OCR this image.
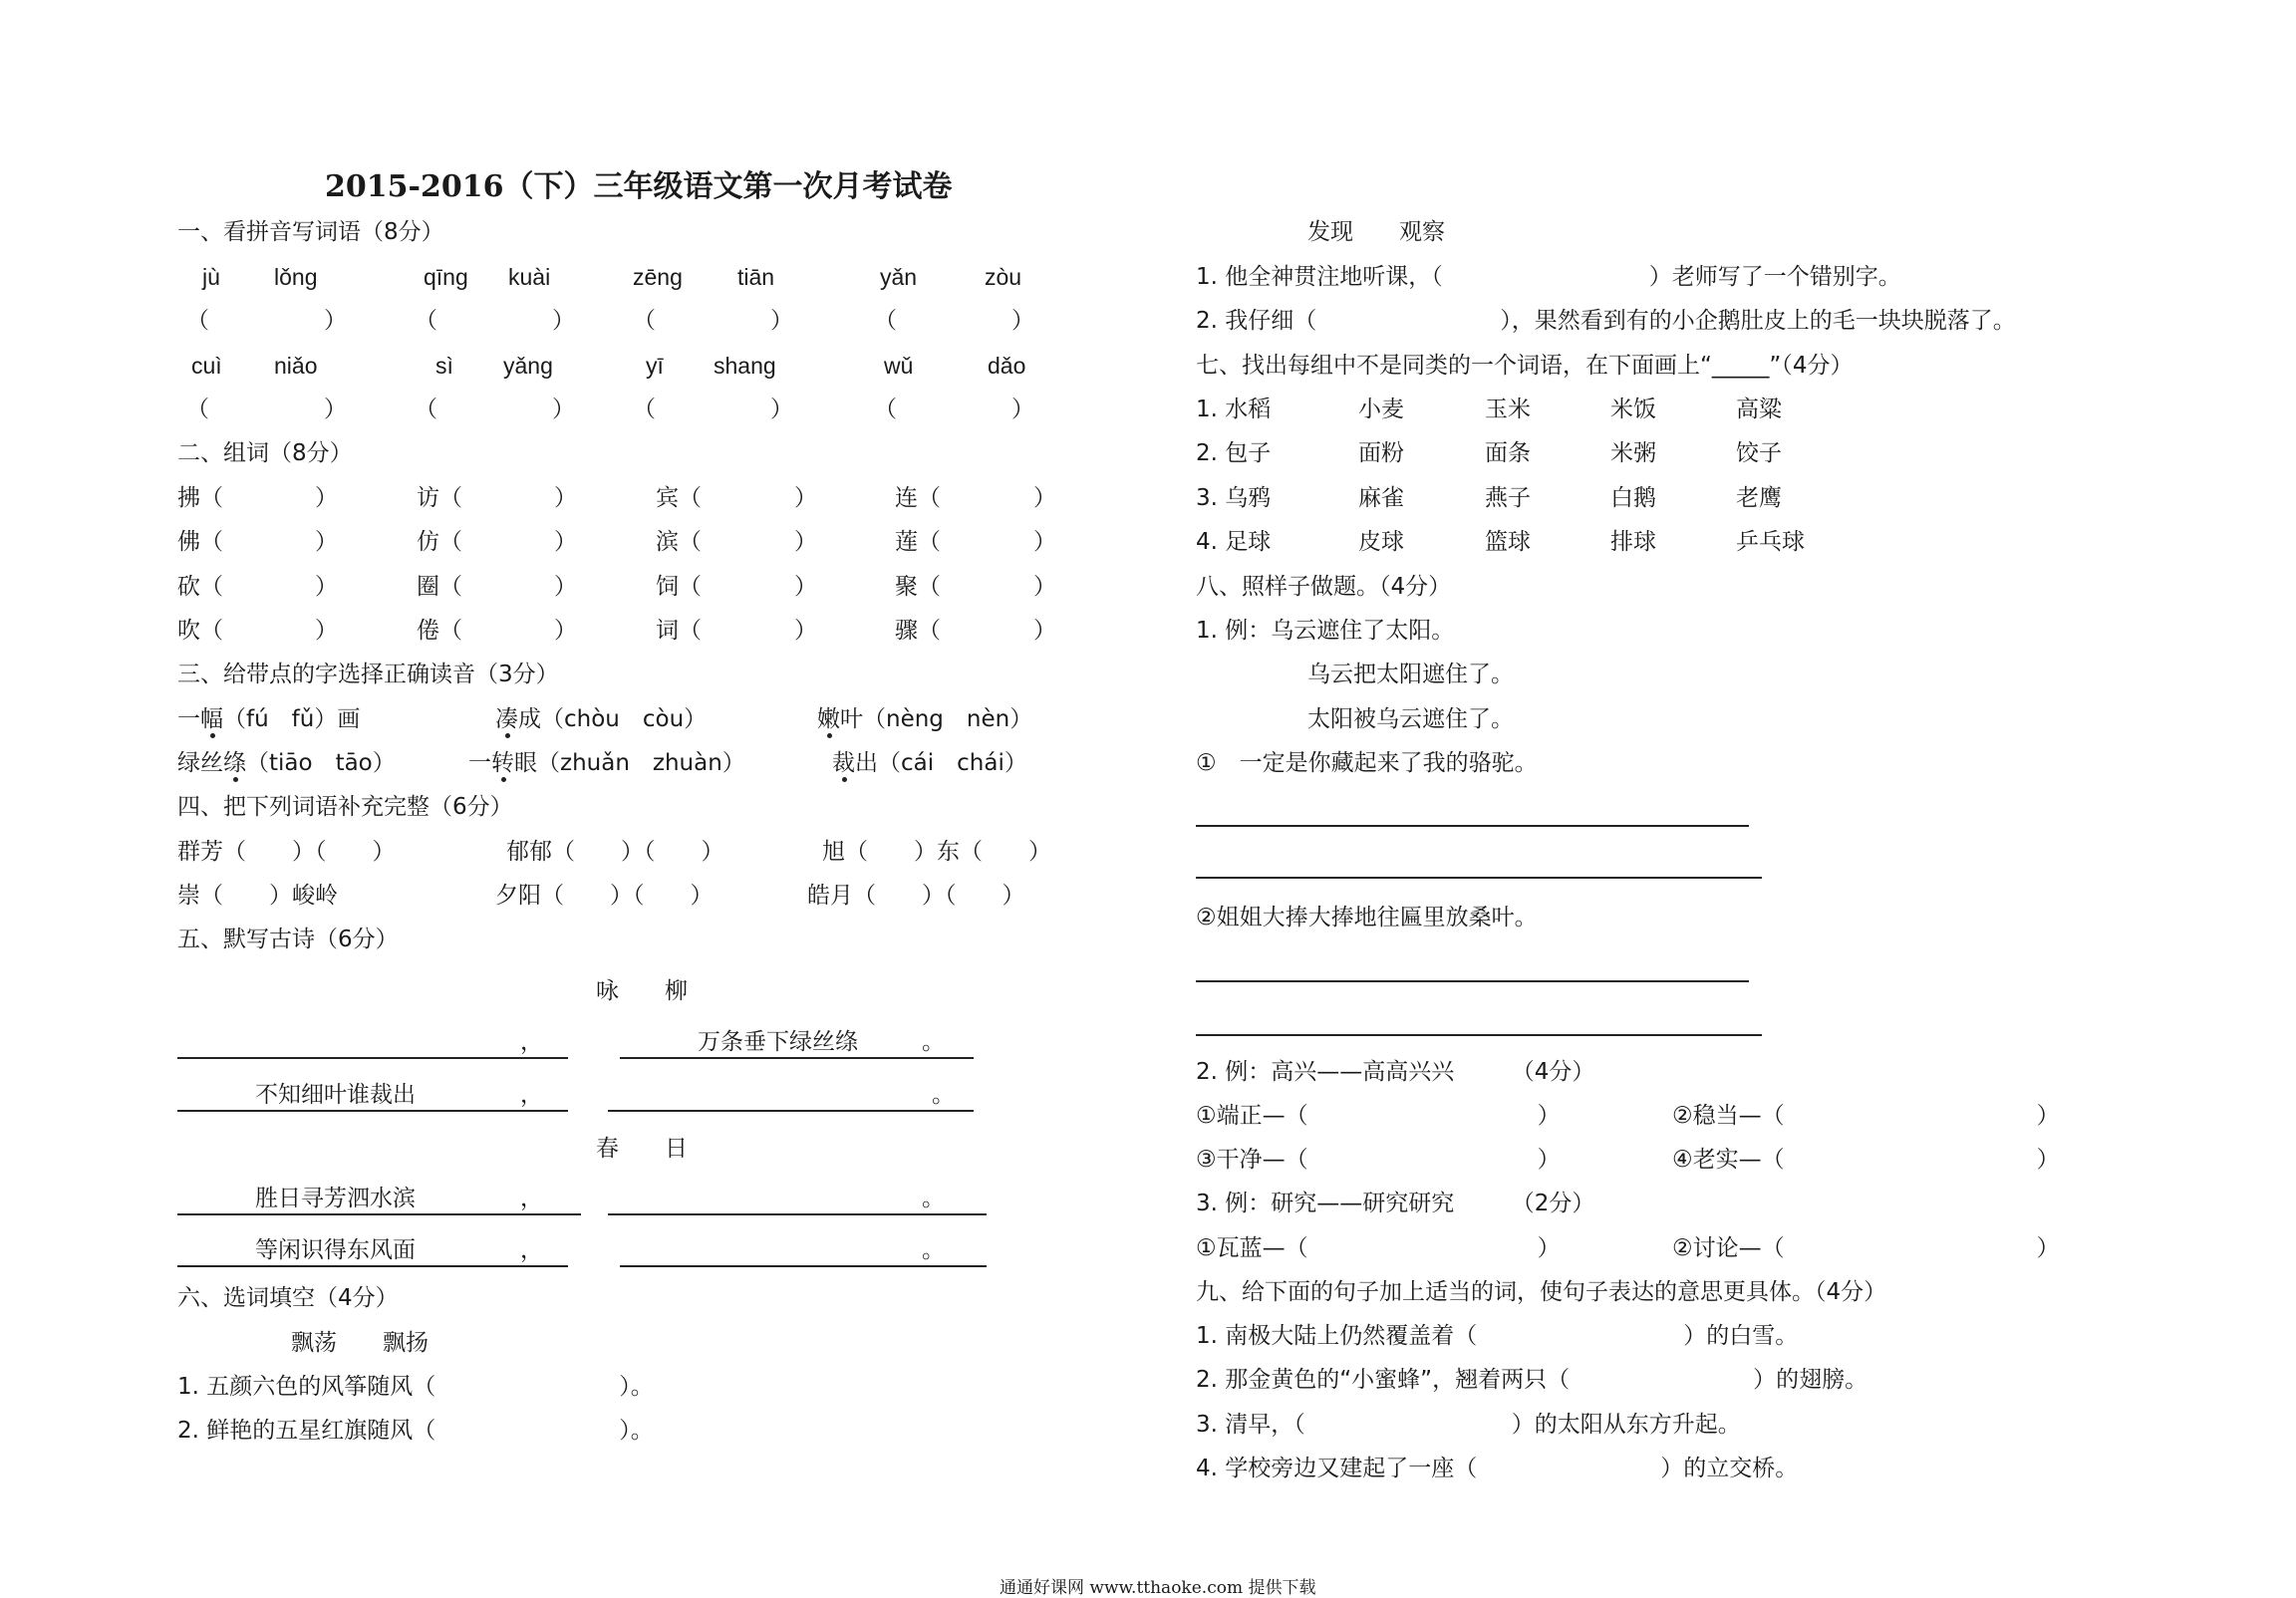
2015-2016（下）三年级语文第一次月考试卷
一、看拼音写词语（8分）
jù lǒng	qīng kuài	zēng tiān	yǎn	zòu
（　　　　　）	（　　　　　）	（　　　　　）	（　　　　　）
cuì niǎo	sì yǎng	yī shang	wǔ	dǎo
（　　　　　）	（　　　　　）	（　　　　　）	（　　　　　）
二、组词（8分）
拂（	）	访（	）	宾（	）	连（	）
佛（	）	仿（	）	滨（	）	莲（	）
砍（	）	圈（	）	饲（	）	聚（	）
吹（	）	倦（	）	词（	）	骤（	）
三、给带点的字选择正确读音（3分）
一幅（fú　fǔ）画	凑成（chòu　còu）	嫩叶（nèng　nèn）
绿丝绦（tiāo　tāo）	一转眼（zhuǎn　zhuàn）	裁出（cái　chái）
四、把下列词语补充完整（6分）
群芳（　　）（　　）	郁郁（　　）（　　）	旭（　　）东（　　）
崇（　　）峻岭	夕阳（　　）（　　）	皓月（　　）（　　）
五、默写古诗（6分）
咏　　柳
，	万条垂下绿丝绦	。
不知细叶谁裁出	，	。
春　　日
胜日寻芳泗水滨	，	。
等闲识得东风面	，	。
六、选词填空（4分）
飘荡　　飘扬
1. 五颜六色的风筝随风（　　　　　　　　）。
2. 鲜艳的五星红旗随风（　　　　　　　　）。
发现　　观察
1. 他全神贯注地听课，（　　　　　　　　　）老师写了一个错别字。
2. 我仔细（　　　　　　　　），果然看到有的小企鹅肚皮上的毛一块块脱落了。
七、找出每组中不是同类的一个词语，在下面画上“_____”（4分）
1. 水稻	小麦	玉米	米饭	高粱
2. 包子	面粉	面条	米粥	饺子
3. 乌鸦	麻雀	燕子	白鹅	老鹰
4. 足球	皮球	篮球	排球	乒乓球
八、照样子做题。（4分）
1. 例：乌云遮住了太阳。
乌云把太阳遮住了。
太阳被乌云遮住了。
①　一定是你藏起来了我的骆驼。
②姐姐大捧大捧地往匾里放桑叶。
2. 例：高兴——高高兴兴　　　（4分）
①端正—（　　　　　　　　　　）	②稳当—（　　　　　　　　　　　）
③干净—（　　　　　　　　　　）	④老实—（　　　　　　　　　　　）
3. 例：研究——研究研究　　　（2分）
①瓦蓝—（　　　　　　　　　　）	②讨论—（　　　　　　　　　　　）
九、给下面的句子加上适当的词，使句子表达的意思更具体。（4分）
1. 南极大陆上仍然覆盖着（　　　　　　　　　）的白雪。
2. 那金黄色的“小蜜蜂”，翘着两只（　　　　　　　　）的翅膀。
3. 清早，（　　　　　　　　　）的太阳从东方升起。
4. 学校旁边又建起了一座（　　　　　　　　）的立交桥。
通通好课网 www.tthaoke.com 提供下载
